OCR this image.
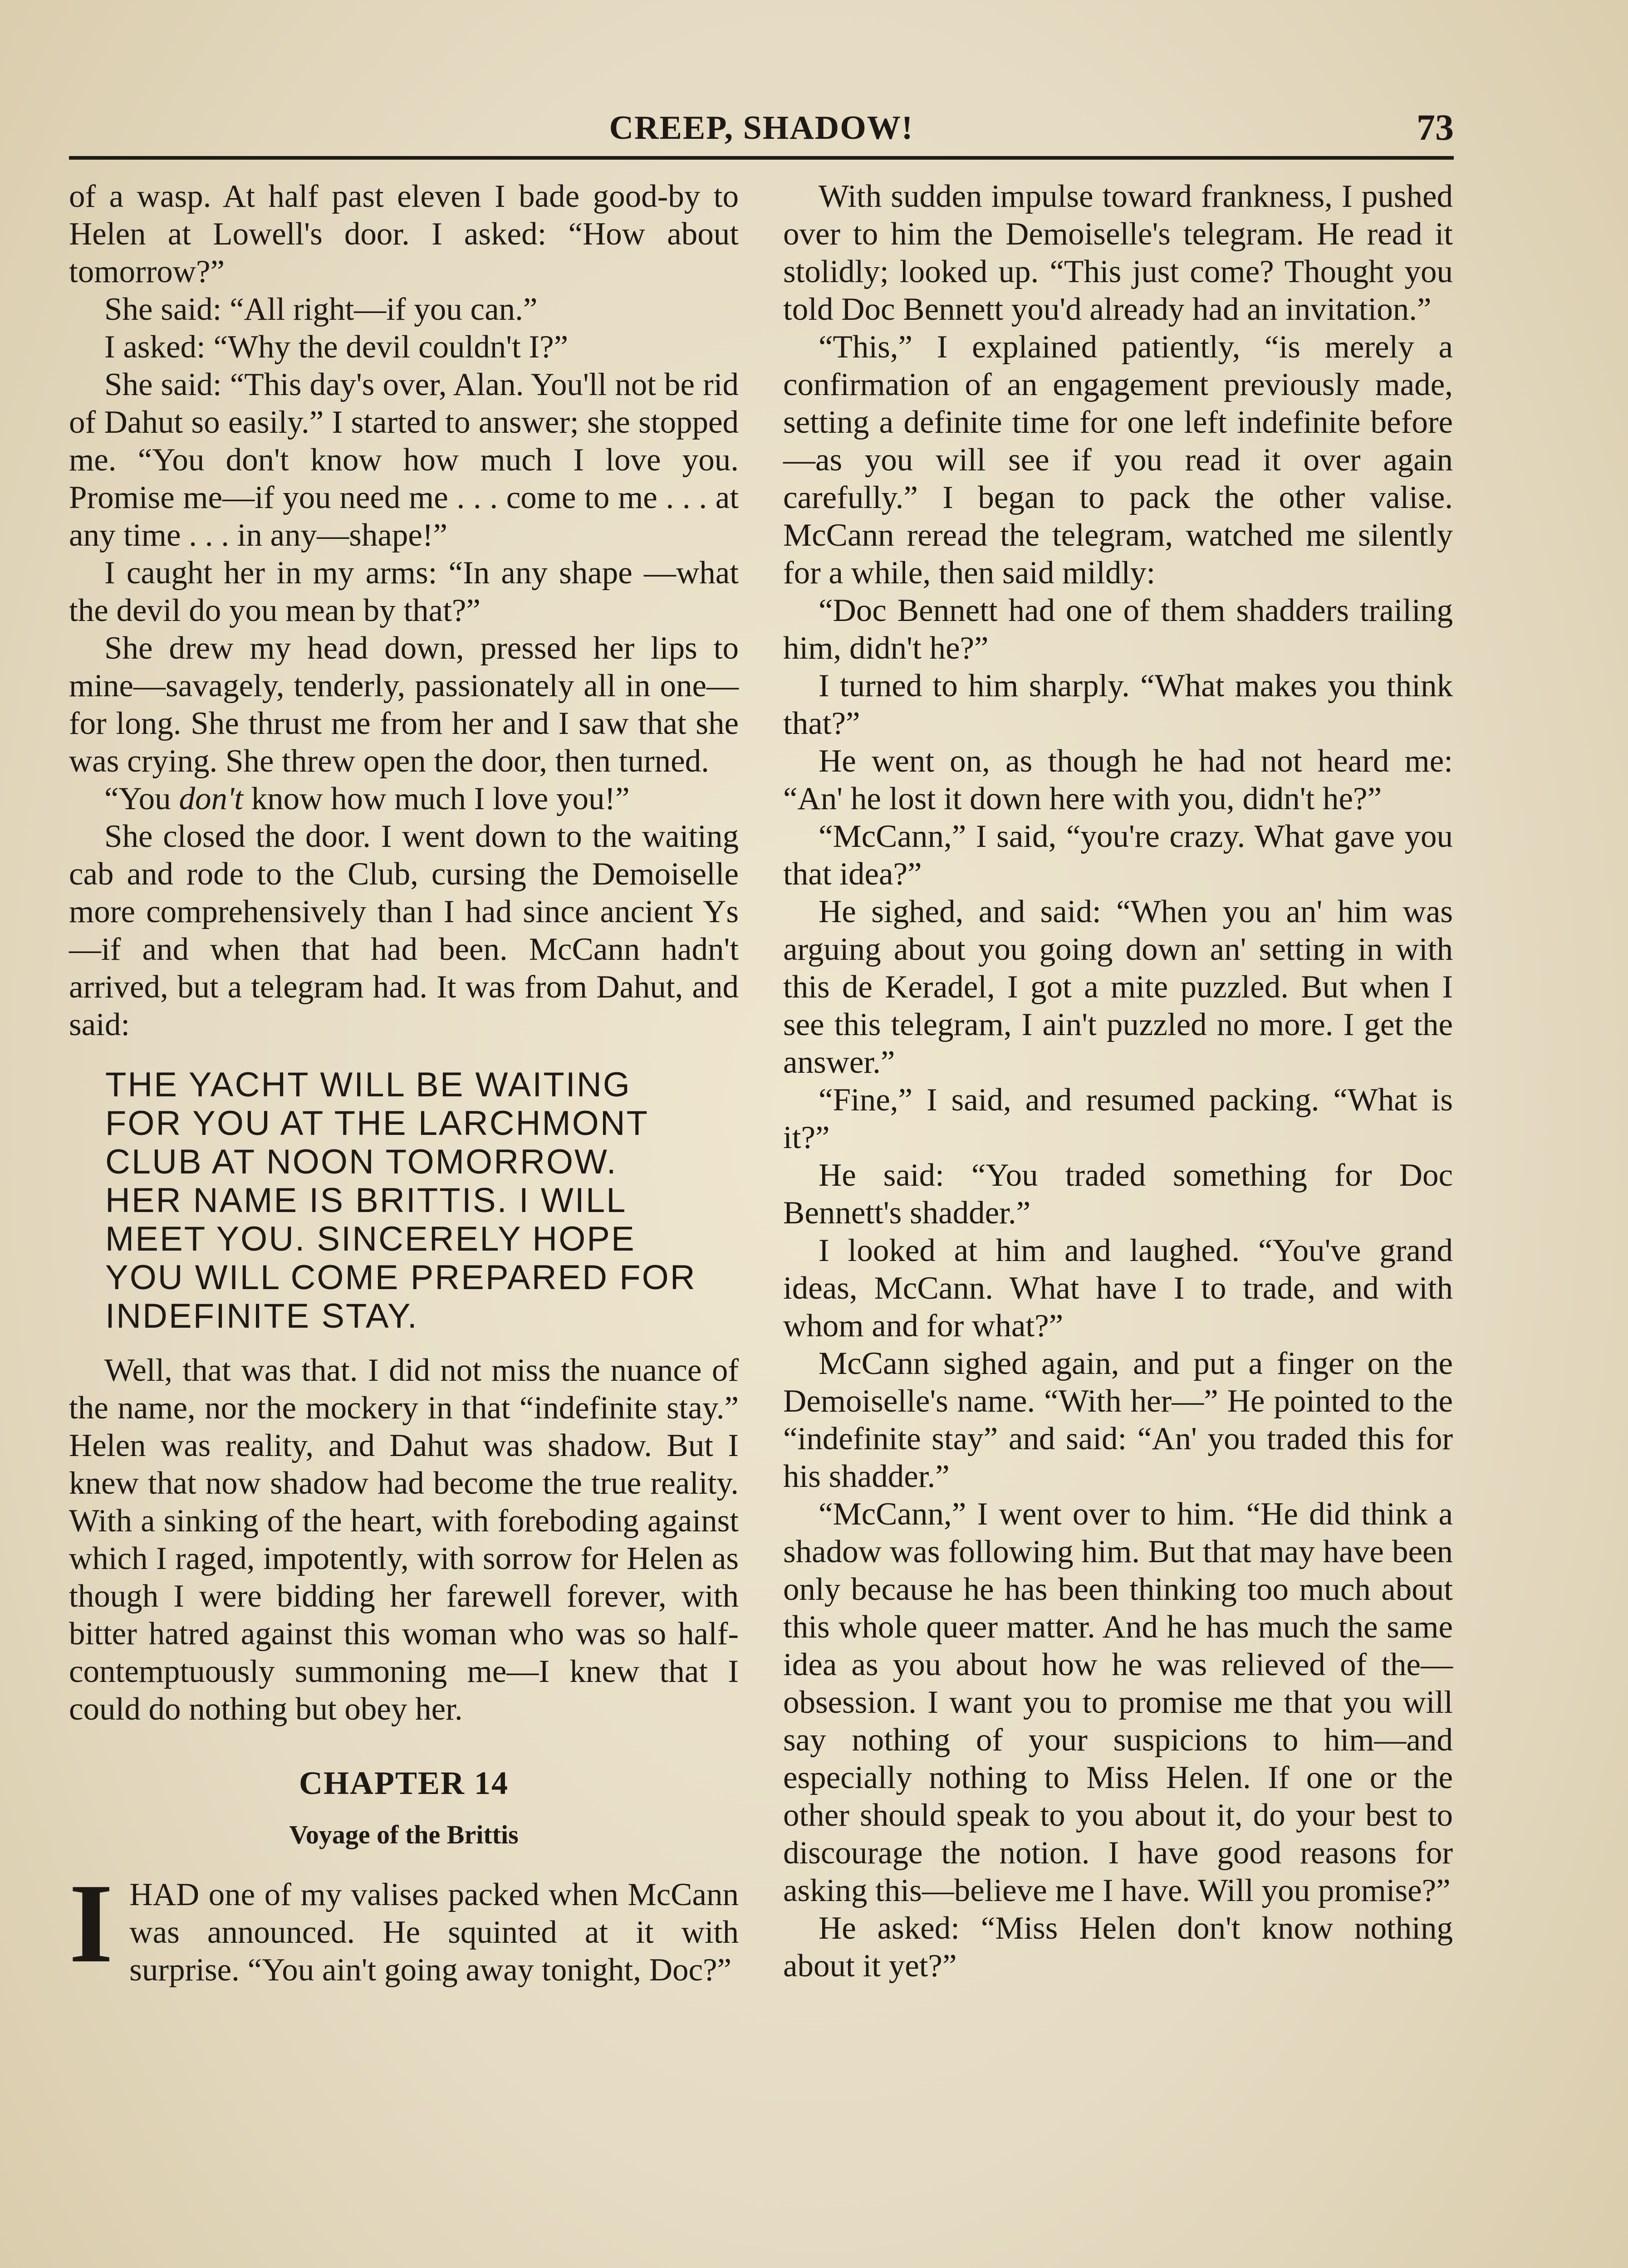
CREEP, SHADOW!	73

of a wasp. At half past eleven I bade good-by to Helen at Lowell's door. I asked: “How about tomorrow?”

She said: “All right—if you can.”

I asked: “Why the devil couldn't I?”

She said: “This day's over, Alan. You'll not be rid of Dahut so easily.” I started to answer; she stopped me. “You don't know how much I love you. Promise me—if you need me . . . come to me . . . at any time . . . in any—shape!”

I caught her in my arms: “In any shape —what the devil do you mean by that?”

She drew my head down, pressed her lips to mine—savagely, tenderly, passionately all in one—for long. She thrust me from her and I saw that she was crying. She threw open the door, then turned.

“You don't know how much I love you!”

She closed the door. I went down to the waiting cab and rode to the Club, cursing the Demoiselle more comprehensively than I had since ancient Ys—if and when that had been. McCann hadn't arrived, but a telegram had. It was from Dahut, and said:

THE YACHT WILL BE WAITING FOR YOU AT THE LARCHMONT CLUB AT NOON TOMORROW. HER NAME IS BRITTIS. I WILL MEET YOU. SINCERELY HOPE YOU WILL COME PREPARED FOR INDEFINITE STAY.

Well, that was that. I did not miss the nuance of the name, nor the mockery in that “indefinite stay.” Helen was reality, and Dahut was shadow. But I knew that now shadow had become the true reality. With a sinking of the heart, with foreboding against which I raged, impotently, with sorrow for Helen as though I were bidding her farewell forever, with bitter hatred against this woman who was so half-contemptuously summoning me—I knew that I could do nothing but obey her.

CHAPTER 14
Voyage of the Brittis

IHAD one of my valises packed when McCann was announced. He squinted at it with surprise. “You ain't going away tonight, Doc?”

With sudden impulse toward frankness, I pushed over to him the Demoiselle's telegram. He read it stolidly; looked up. “This just come? Thought you told Doc Bennett you'd already had an invitation.”

“This,” I explained patiently, “is merely a confirmation of an engagement previously made, setting a definite time for one left indefinite before—as you will see if you read it over again carefully.” I began to pack the other valise. McCann reread the telegram, watched me silently for a while, then said mildly:

“Doc Bennett had one of them shadders trailing him, didn't he?”

I turned to him sharply. “What makes you think that?”

He went on, as though he had not heard me: “An' he lost it down here with you, didn't he?”

“McCann,” I said, “you're crazy. What gave you that idea?”

He sighed, and said: “When you an' him was arguing about you going down an' setting in with this de Keradel, I got a mite puzzled. But when I see this telegram, I ain't puzzled no more. I get the answer.”

“Fine,” I said, and resumed packing. “What is it?”

He said: “You traded something for Doc Bennett's shadder.”

I looked at him and laughed. “You've grand ideas, McCann. What have I to trade, and with whom and for what?”

McCann sighed again, and put a finger on the Demoiselle's name. “With her—” He pointed to the “indefinite stay” and said: “An' you traded this for his shadder.”

“McCann,” I went over to him. “He did think a shadow was following him. But that may have been only because he has been thinking too much about this whole queer matter. And he has much the same idea as you about how he was relieved of the—obsession. I want you to promise me that you will say nothing of your suspicions to him—and especially nothing to Miss Helen. If one or the other should speak to you about it, do your best to discourage the notion. I have good reasons for asking this—believe me I have. Will you promise?”

He asked: “Miss Helen don't know nothing about it yet?”
